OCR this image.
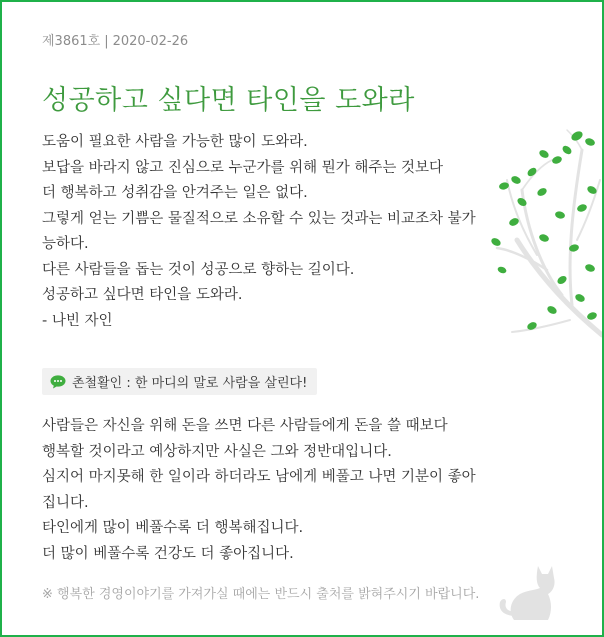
제3861호 | 2020-02-26
성공하고 싶다면 타인을 도와라
도움이 필요한 사람을 가능한 많이 도와라.
보답을 바라지 않고 진심으로 누군가를 위해 뭔가 해주는 것보다
더 행복하고 성취감을 안겨주는 일은 없다.
그렇게 얻는 기쁨은 물질적으로 소유할 수 있는 것과는 비교조차 불가
능하다.
다른 사람들을 돕는 것이 성공으로 향하는 길이다.
성공하고 싶다면 타인을 도와라.
- 나빈 자인
촌철활인 : 한 마디의 말로 사람을 살린다!
사람들은 자신을 위해 돈을 쓰면 다른 사람들에게 돈을 쓸 때보다
행복할 것이라고 예상하지만 사실은 그와 정반대입니다.
심지어 마지못해 한 일이라 하더라도 남에게 베풀고 나면 기분이 좋아
집니다.
타인에게 많이 베풀수록 더 행복해집니다.
더 많이 베풀수록 건강도 더 좋아집니다.
※ 행복한 경영이야기를 가져가실 때에는 반드시 출처를 밝혀주시기 바랍니다.
